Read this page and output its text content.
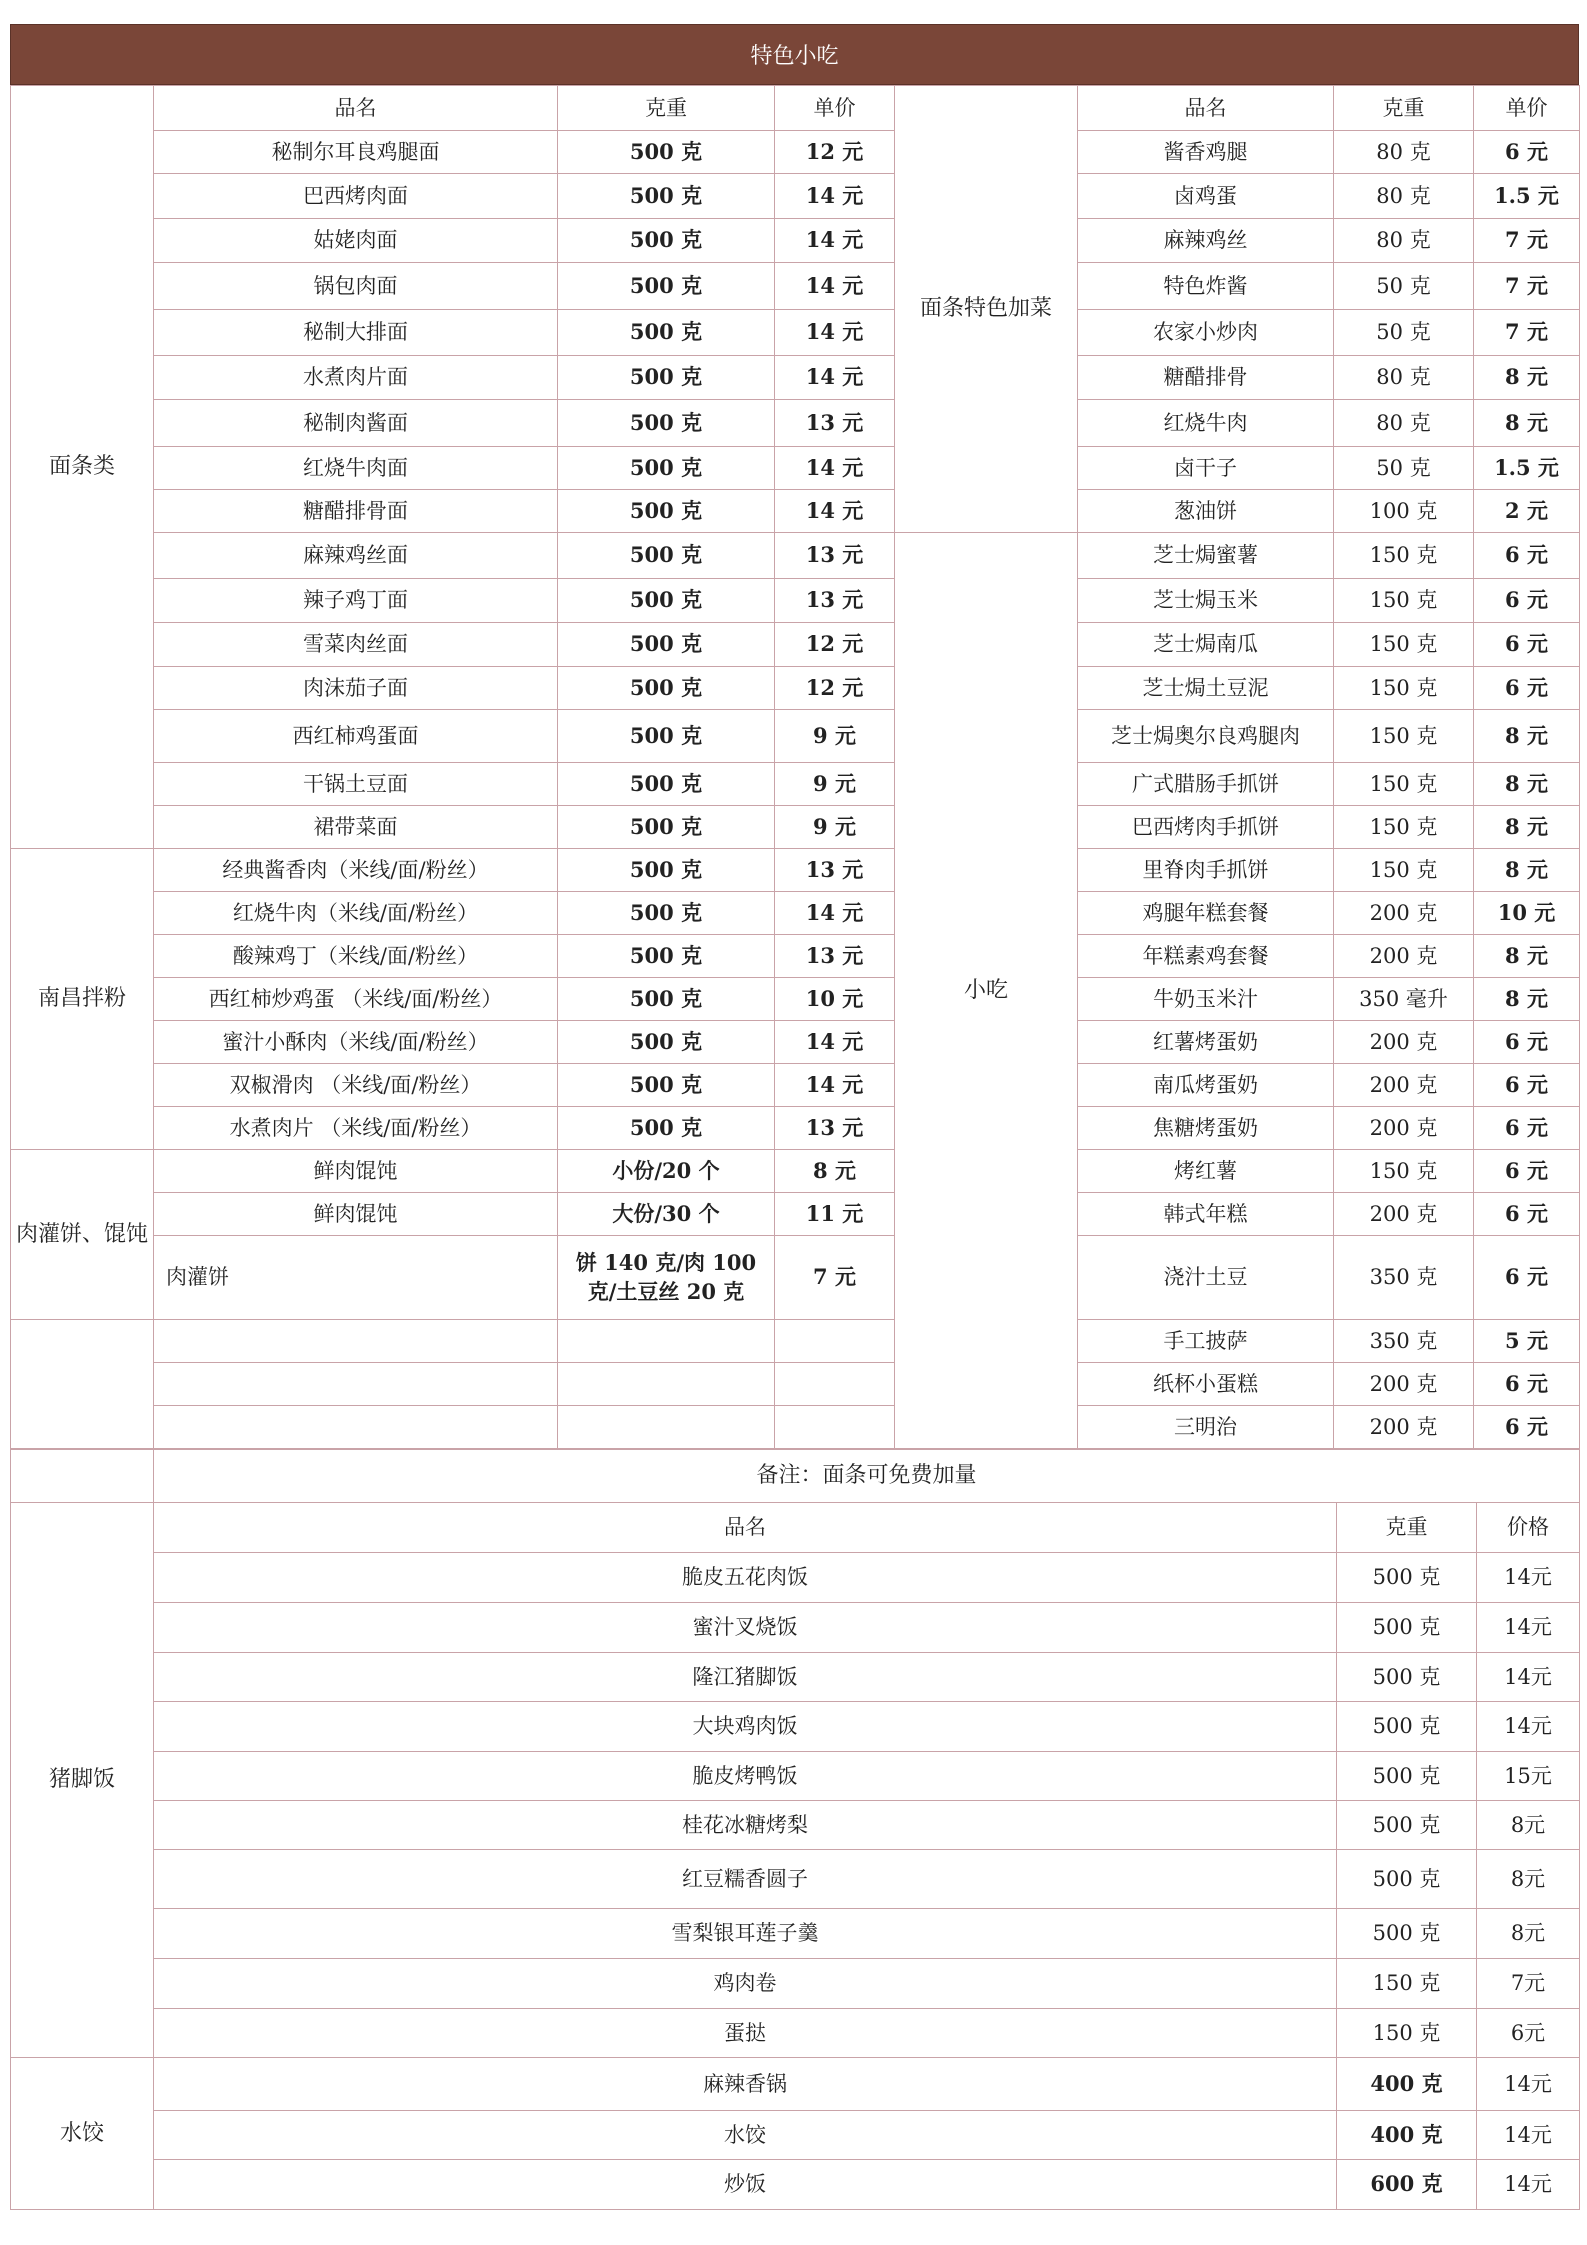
特色小吃
面条类	品名	克重	单价	面条特色加菜	品名	克重	单价
	秘制尔耳良鸡腿面	500 克	12 元		酱香鸡腿	80 克	6 元
	巴西烤肉面	500 克	14 元		卤鸡蛋	80 克	1.5 元
	姑姥肉面	500 克	14 元		麻辣鸡丝	80 克	7 元
	锅包肉面	500 克	14 元		特色炸酱	50 克	7 元
	秘制大排面	500 克	14 元		农家小炒肉	50 克	7 元
	水煮肉片面	500 克	14 元		糖醋排骨	80 克	8 元
	秘制肉酱面	500 克	13 元		红烧牛肉	80 克	8 元
	红烧牛肉面	500 克	14 元		卤干子	50 克	1.5 元
	糖醋排骨面	500 克	14 元		葱油饼	100 克	2 元
	麻辣鸡丝面	500 克	13 元	小吃	芝士焗蜜薯	150 克	6 元
	辣子鸡丁面	500 克	13 元		芝士焗玉米	150 克	6 元
	雪菜肉丝面	500 克	12 元		芝士焗南瓜	150 克	6 元
	肉沫茄子面	500 克	12 元		芝士焗土豆泥	150 克	6 元
	西红柿鸡蛋面	500 克	9 元		芝士焗奥尔良鸡腿肉	150 克	8 元
	干锅土豆面	500 克	9 元		广式腊肠手抓饼	150 克	8 元
	裙带菜面	500 克	9 元		巴西烤肉手抓饼	150 克	8 元
南昌拌粉	经典酱香肉（米线/面/粉丝）	500 克	13 元		里脊肉手抓饼	150 克	8 元
	红烧牛肉（米线/面/粉丝）	500 克	14 元		鸡腿年糕套餐	200 克	10 元
	酸辣鸡丁（米线/面/粉丝）	500 克	13 元		年糕素鸡套餐	200 克	8 元
	西红柿炒鸡蛋 （米线/面/粉丝）	500 克	10 元		牛奶玉米汁	350 毫升	8 元
	蜜汁小酥肉（米线/面/粉丝）	500 克	14 元		红薯烤蛋奶	200 克	6 元
	双椒滑肉 （米线/面/粉丝）	500 克	14 元		南瓜烤蛋奶	200 克	6 元
	水煮肉片 （米线/面/粉丝）	500 克	13 元		焦糖烤蛋奶	200 克	6 元
肉灌饼、馄饨	鲜肉馄饨	小份/20 个	8 元		烤红薯	150 克	6 元
	鲜肉馄饨	大份/30 个	11 元		韩式年糕	200 克	6 元
	肉灌饼	饼 140 克/肉 100 克/土豆丝 20 克	7 元		浇汁土豆	350 克	6 元
					手工披萨	350 克	5 元
					纸杯小蛋糕	200 克	6 元
					三明治	200 克	6 元
	备注：面条可免费加量		
猪脚饭	品名	克重	价格
	脆皮五花肉饭	500 克	14元
	蜜汁叉烧饭	500 克	14元
	隆江猪脚饭	500 克	14元
	大块鸡肉饭	500 克	14元
	脆皮烤鸭饭	500 克	15元
	桂花冰糖烤梨	500 克	8元
	红豆糯香圆子	500 克	8元
	雪梨银耳莲子羹	500 克	8元
	鸡肉卷	150 克	7元
	蛋挞	150 克	6元
水饺	麻辣香锅	400 克	14元
	水饺	400 克	14元
	炒饭	600 克	14元
